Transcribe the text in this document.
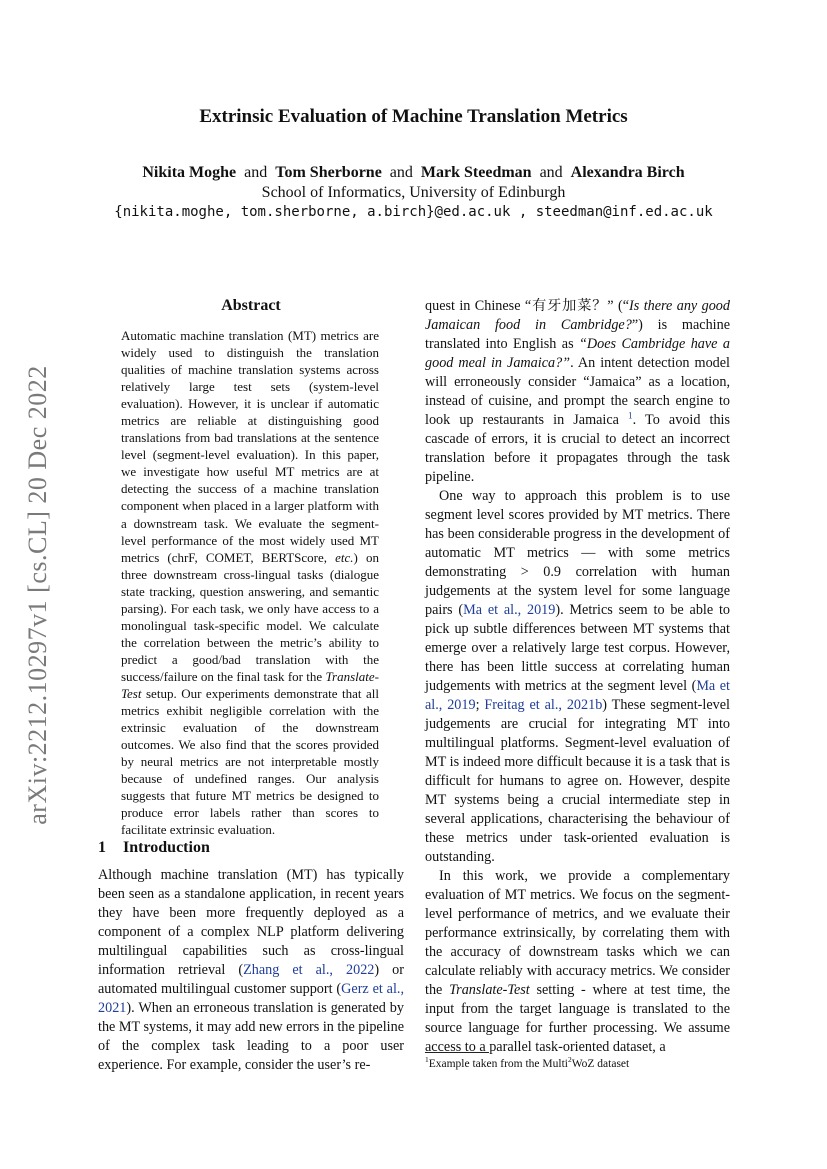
arXiv:2212.10297v1 [cs.CL] 20 Dec 2022
Extrinsic Evaluation of Machine Translation Metrics
Nikita Moghe and Tom Sherborne and Mark Steedman and Alexandra Birch
School of Informatics, University of Edinburgh
{nikita.moghe, tom.sherborne, a.birch}@ed.ac.uk , steedman@inf.ed.ac.uk
Abstract
Automatic machine translation (MT) metrics are widely used to distinguish the translation qualities of machine translation systems across relatively large test sets (system-level evaluation). However, it is unclear if automatic metrics are reliable at distinguishing good translations from bad translations at the sentence level (segment-level evaluation). In this paper, we investigate how useful MT metrics are at detecting the success of a machine translation component when placed in a larger platform with a downstream task. We evaluate the segment-level performance of the most widely used MT metrics (chrF, COMET, BERTScore, etc.) on three downstream cross-lingual tasks (dialogue state tracking, question answering, and semantic parsing). For each task, we only have access to a monolingual task-specific model. We calculate the correlation between the metric’s ability to predict a good/bad translation with the success/failure on the final task for the Translate-Test setup. Our experiments demonstrate that all metrics exhibit negligible correlation with the extrinsic evaluation of the downstream outcomes. We also find that the scores provided by neural metrics are not interpretable mostly because of undefined ranges. Our analysis suggests that future MT metrics be designed to produce error labels rather than scores to facilitate extrinsic evaluation.
1 Introduction

Although machine translation (MT) has typically been seen as a standalone application, in recent years they have been more frequently deployed as a component of a complex NLP platform delivering multilingual capabilities such as cross-lingual information retrieval (Zhang et al., 2022) or automated multilingual customer support (Gerz et al., 2021). When an erroneous translation is generated by the MT systems, it may add new errors in the pipeline of the complex task leading to a poor user experience. For example, consider the user’s re-

quest in Chinese “有牙加菜？” (“Is there any good Jamaican food in Cambridge?”) is machine translated into English as “Does Cambridge have a good meal in Jamaica?”. An intent detection model will erroneously consider “Jamaica” as a location, instead of cuisine, and prompt the search engine to look up restaurants in Jamaica $^1$. To avoid this cascade of errors, it is crucial to detect an incorrect translation before it propagates through the task pipeline.

One way to approach this problem is to use segment level scores provided by MT metrics. There has been considerable progress in the development of automatic MT metrics — with some metrics demonstrating > 0.9 correlation with human judgements at the system level for some language pairs (Ma et al., 2019). Metrics seem to be able to pick up subtle differences between MT systems that emerge over a relatively large test corpus. However, there has been little success at correlating human judgements with metrics at the segment level (Ma et al., 2019; Freitag et al., 2021b) These segment-level judgements are crucial for integrating MT into multilingual platforms. Segment-level evaluation of MT is indeed more difficult because it is a task that is difficult for humans to agree on. However, despite MT systems being a crucial intermediate step in several applications, characterising the behaviour of these metrics under task-oriented evaluation is outstanding.

In this work, we provide a complementary evaluation of MT metrics. We focus on the segment-level performance of metrics, and we evaluate their performance extrinsically, by correlating them with the accuracy of downstream tasks which we can calculate reliably with accuracy metrics. We consider the Translate-Test setting - where at test time, the input from the target language is translated to the source language for further processing. We assume access to a parallel task-oriented dataset, a

$^1$Example taken from the Multi$^2$WoZ dataset
